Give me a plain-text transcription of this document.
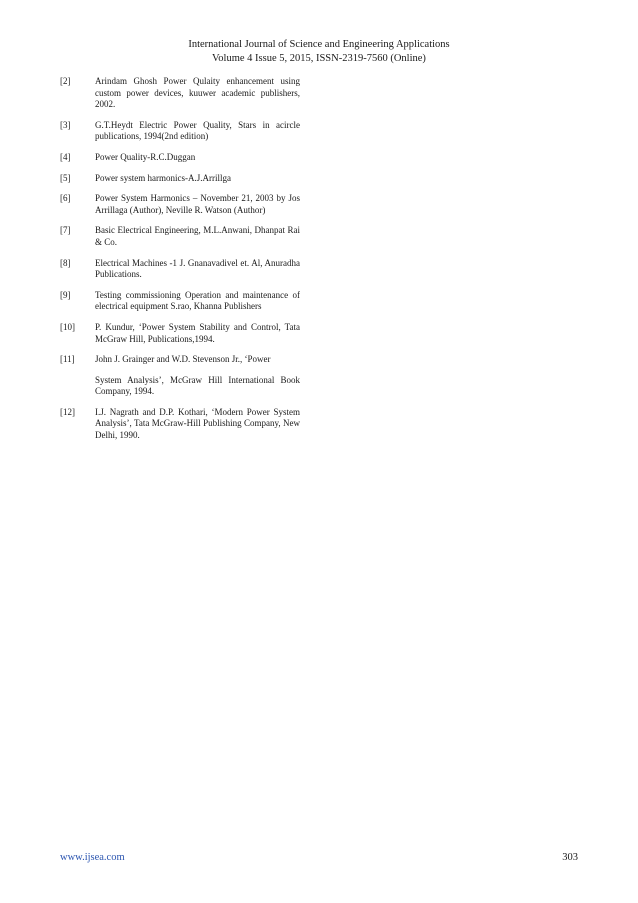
International Journal of Science and Engineering Applications
Volume 4 Issue 5, 2015, ISSN-2319-7560 (Online)
[2]	Arindam Ghosh Power Qulaity enhancement using custom power devices, kuuwer academic publishers, 2002.

[3]	G.T.Heydt Electric Power Quality, Stars in acircle publications, 1994(2nd edition)

[4]	Power Quality-R.C.Duggan

[5]	Power system harmonics-A.J.Arrillga

[6]	Power System Harmonics – November 21, 2003 by Jos Arrillaga (Author), Neville R. Watson (Author)

[7]	Basic Electrical Engineering, M.L.Anwani, Dhanpat Rai & Co.

[8]	Electrical Machines -1 J. Gnanavadivel et. Al, Anuradha Publications.

[9]	Testing commissioning Operation and maintenance of electrical equipment S.rao, Khanna Publishers

[10]	P. Kundur, ‘Power System Stability and Control, Tata McGraw Hill, Publications,1994.

[11]	John J. Grainger and W.D. Stevenson Jr., ‘Power

System Analysis’, McGraw Hill International Book Company, 1994.

[12]	I.J. Nagrath and D.P. Kothari, ‘Modern Power System Analysis’, Tata McGraw-Hill Publishing Company, New Delhi, 1990.

www.ijsea.com	303
